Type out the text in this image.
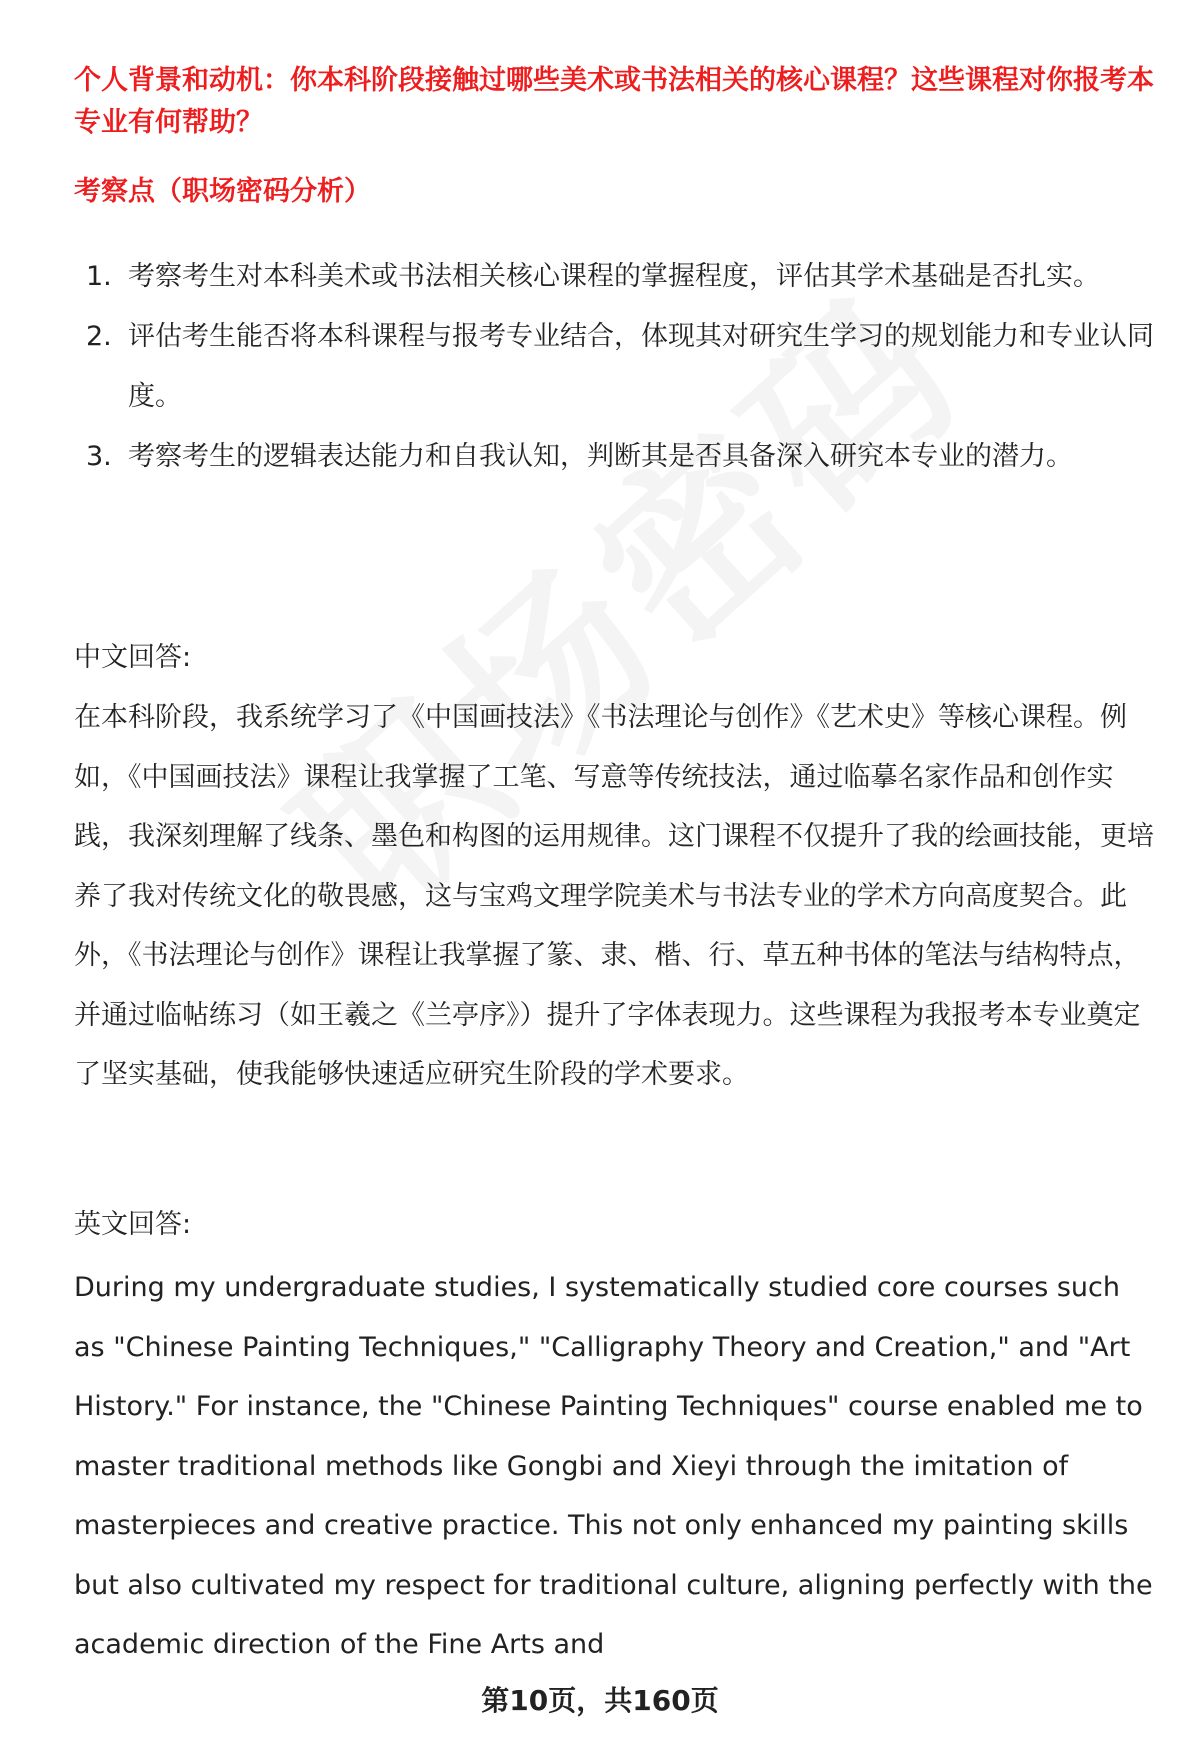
个人背景和动机：你本科阶段接触过哪些美术或书法相关的核心课程？这些课程对你报考本专业有何帮助？

考察点（职场密码分析）

1. 考察考生对本科美术或书法相关核心课程的掌握程度，评估其学术基础是否扎实。
2. 评估考生能否将本科课程与报考专业结合，体现其对研究生学习的规划能力和专业认同度。
3. 考察考生的逻辑表达能力和自我认知，判断其是否具备深入研究本专业的潜力。

中文回答:

在本科阶段，我系统学习了《中国画技法》《书法理论与创作》《艺术史》等核心课程。例如，《中国画技法》课程让我掌握了工笔、写意等传统技法，通过临摹名家作品和创作实践，我深刻理解了线条、墨色和构图的运用规律。这门课程不仅提升了我的绘画技能，更培养了我对传统文化的敬畏感，这与宝鸡文理学院美术与书法专业的学术方向高度契合。此外，《书法理论与创作》课程让我掌握了篆、隶、楷、行、草五种书体的笔法与结构特点，并通过临帖练习（如王羲之《兰亭序》）提升了字体表现力。这些课程为我报考本专业奠定了坚实基础，使我能够快速适应研究生阶段的学术要求。

英文回答:

During my undergraduate studies, I systematically studied core courses such as "Chinese Painting Techniques," "Calligraphy Theory and Creation," and "Art History." For instance, the "Chinese Painting Techniques" course enabled me to master traditional methods like Gongbi and Xieyi through the imitation of masterpieces and creative practice. This not only enhanced my painting skills but also cultivated my respect for traditional culture, aligning perfectly with the academic direction of the Fine Arts and

第10页，共160页
